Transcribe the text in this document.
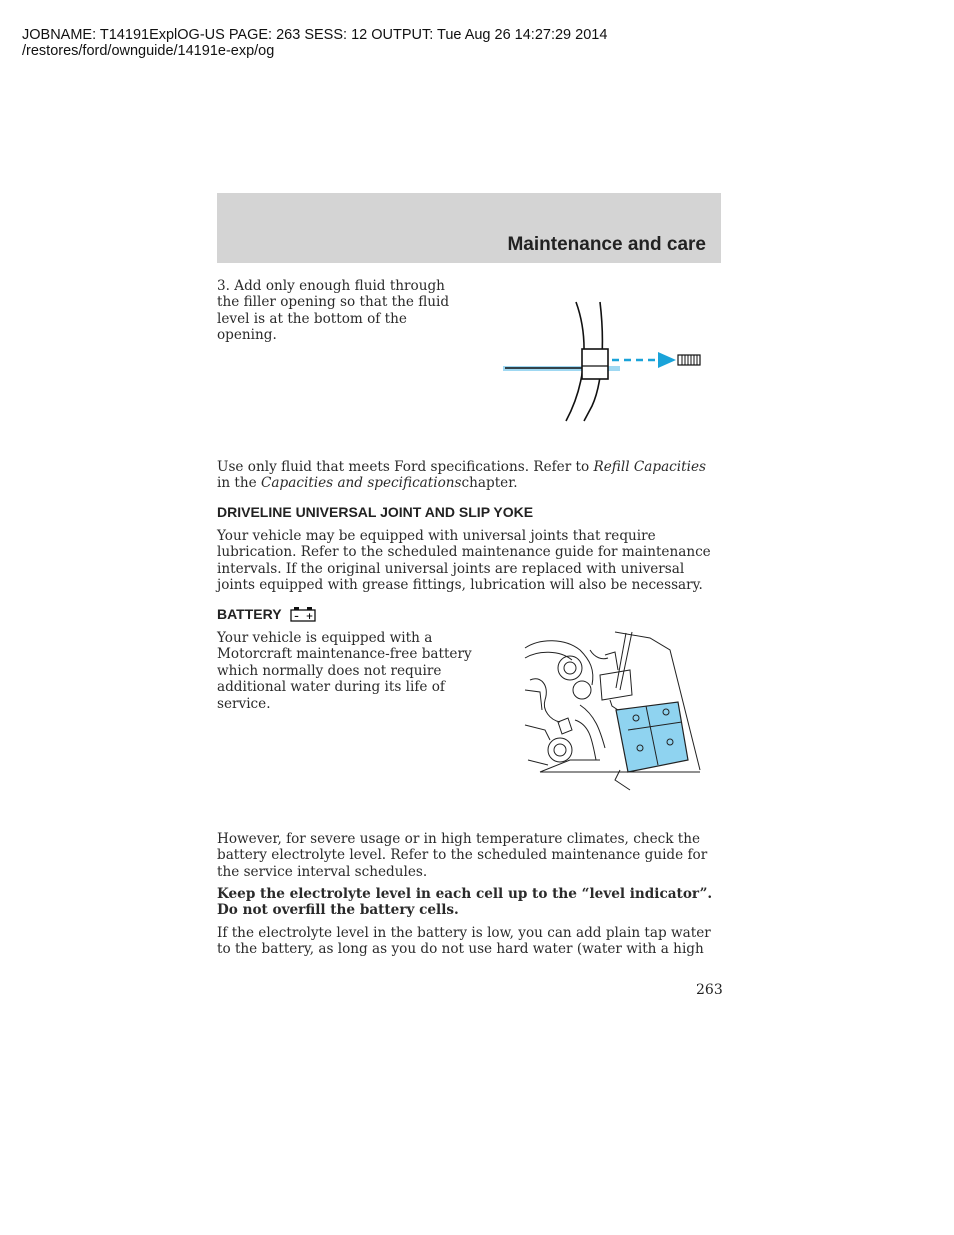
JOBNAME: T14191ExplOG-US PAGE: 263 SESS: 12 OUTPUT: Tue Aug 26 14:27:29 2014
/restores/ford/ownguide/14191e-exp/og
Maintenance and care
3. Add only enough fluid through the filler opening so that the fluid level is at the bottom of the opening.
Use only fluid that meets Ford specifications. Refer to Refill Capacities in the Capacities and specificationschapter.
DRIVELINE UNIVERSAL JOINT AND SLIP YOKE
Your vehicle may be equipped with universal joints that require lubrication. Refer to the scheduled maintenance guide for maintenance intervals. If the original universal joints are replaced with universal joints equipped with grease fittings, lubrication will also be necessary.
BATTERY – +
Your vehicle is equipped with a Motorcraft maintenance-free battery which normally does not require additional water during its life of service.
However, for severe usage or in high temperature climates, check the battery electrolyte level. Refer to the scheduled maintenance guide for the service interval schedules.
Keep the electrolyte level in each cell up to the “level indicator”. Do not overfill the battery cells.
If the electrolyte level in the battery is low, you can add plain tap water to the battery, as long as you do not use hard water (water with a high
263
